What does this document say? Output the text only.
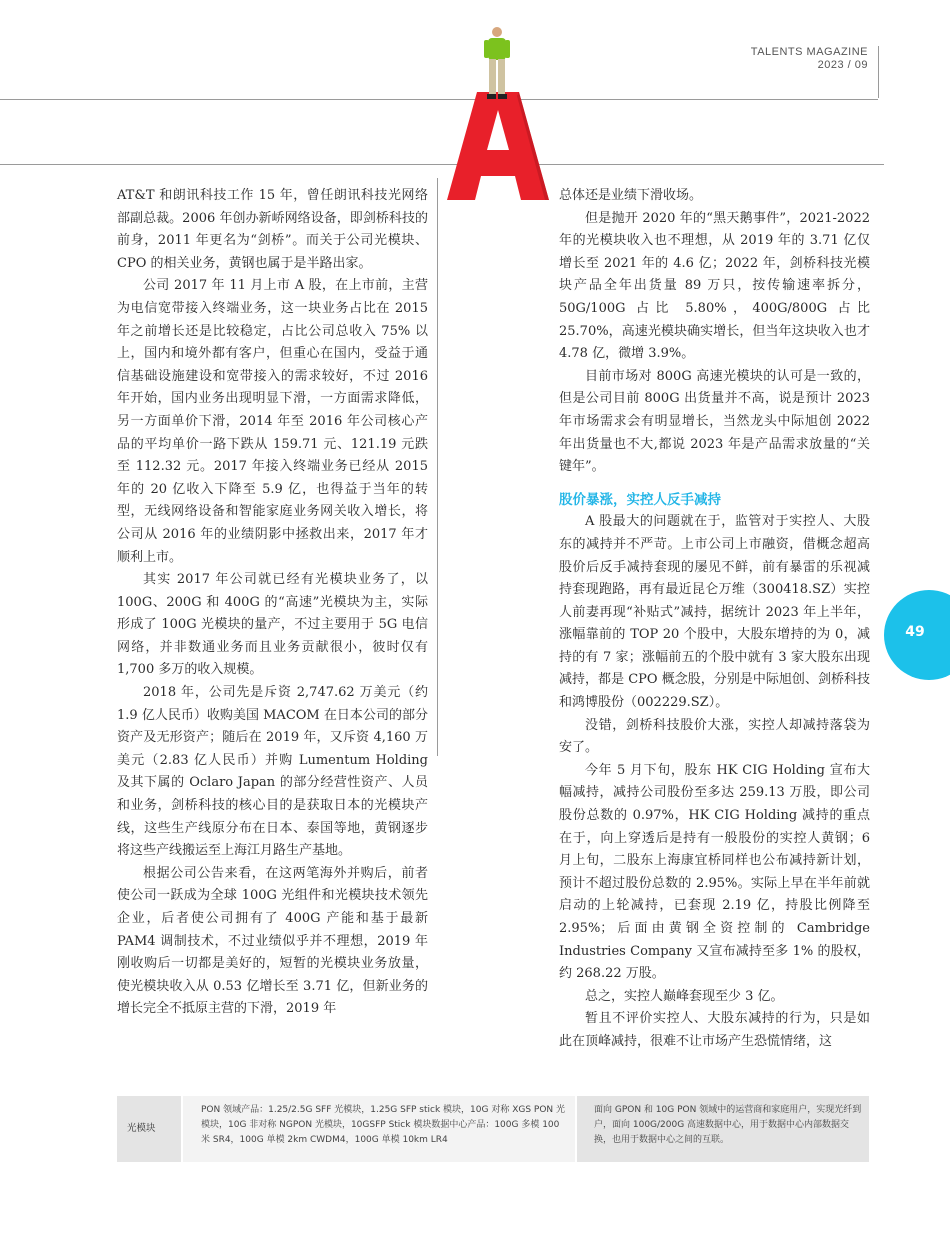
TALENTS MAGAZINE
2023 / 09

AT&T 和朗讯科技工作 15 年，曾任朗讯科技光网络部副总裁。2006 年创办新峤网络设备，即剑桥科技的前身，2011 年更名为“剑桥”。而关于公司光模块、CPO 的相关业务，黄钢也属于是半路出家。

公司 2017 年 11 月上市 A 股，在上市前，主营为电信宽带接入终端业务，这一块业务占比在 2015 年之前增长还是比较稳定，占比公司总收入 75% 以上，国内和境外都有客户，但重心在国内，受益于通信基础设施建设和宽带接入的需求较好，不过 2016 年开始，国内业务出现明显下滑，一方面需求降低，另一方面单价下滑，2014 年至 2016 年公司核心产品的平均单价一路下跌从 159.71 元、121.19 元跌至 112.32 元。2017 年接入终端业务已经从 2015 年的 20 亿收入下降至 5.9 亿，也得益于当年的转型，无线网络设备和智能家庭业务网关收入增长，将公司从 2016 年的业绩阴影中拯救出来，2017 年才顺利上市。

其实 2017 年公司就已经有光模块业务了，以 100G、200G 和 400G 的“高速”光模块为主，实际形成了 100G 光模块的量产，不过主要用于 5G 电信网络，并非数通业务而且业务贡献很小，彼时仅有 1,700 多万的收入规模。

2018 年，公司先是斥资 2,747.62 万美元（约 1.9 亿人民币）收购美国 MACOM 在日本公司的部分资产及无形资产；随后在 2019 年，又斥资 4,160 万美元（2.83 亿人民币）并购 Lumentum Holding 及其下属的 Oclaro Japan 的部分经营性资产、人员和业务，剑桥科技的核心目的是获取日本的光模块产线，这些生产线原分布在日本、泰国等地，黄钢逐步将这些产线搬运至上海江月路生产基地。

根据公司公告来看，在这两笔海外并购后，前者使公司一跃成为全球 100G 光组件和光模块技术领先企业，后者使公司拥有了 400G 产能和基于最新 PAM4 调制技术，不过业绩似乎并不理想，2019 年刚收购后一切都是美好的，短暂的光模块业务放量，使光模块收入从 0.53 亿增长至 3.71 亿，但新业务的增长完全不抵原主营的下滑，2019 年

总体还是业绩下滑收场。

但是抛开 2020 年的“黑天鹅事件”，2021-2022 年的光模块收入也不理想，从 2019 年的 3.71 亿仅增长至 2021 年的 4.6 亿；2022 年，剑桥科技光模块产品全年出货量 89 万只，按传输速率拆分，50G/100G 占比 5.80%，400G/800G 占比 25.70%，高速光模块确实增长，但当年这块收入也才 4.78 亿，微增 3.9%。

目前市场对 800G 高速光模块的认可是一致的，但是公司目前 800G 出货量并不高，说是预计 2023 年市场需求会有明显增长，当然龙头中际旭创 2022 年出货量也不大,都说 2023 年是产品需求放量的“关键年”。

股价暴涨，实控人反手减持

A 股最大的问题就在于，监管对于实控人、大股东的减持并不严苛。上市公司上市融资，借概念超高股价后反手减持套现的屡见不鲜，前有暴雷的乐视减持套现跑路，再有最近昆仑万维（300418.SZ）实控人前妻再现“补贴式”减持，据统计 2023 年上半年，涨幅靠前的 TOP 20 个股中，大股东增持的为 0，减持的有 7 家；涨幅前五的个股中就有 3 家大股东出现减持，都是 CPO 概念股，分别是中际旭创、剑桥科技和鸿博股份（002229.SZ）。

没错，剑桥科技股价大涨，实控人却减持落袋为安了。

今年 5 月下旬，股东 HK CIG Holding 宣布大幅减持，减持公司股份至多达 259.13 万股，即公司股份总数的 0.97%，HK CIG Holding 减持的重点在于，向上穿透后是持有一般股份的实控人黄钢；6 月上旬，二股东上海康宜桥同样也公布减持新计划，预计不超过股份总数的 2.95%。实际上早在半年前就启动的上轮减持，已套现 2.19 亿，持股比例降至 2.95%；后面由黄钢全资控制的 Cambridge Industries Company 又宣布减持至多 1% 的股权，约 268.22 万股。

总之，实控人巅峰套现至少 3 亿。

暂且不评价实控人、大股东减持的行为，只是如此在顶峰减持，很难不让市场产生恐慌情绪，这

49
光模块
PON 领域产品：1.25/2.5G SFF 光模块，1.25G SFP stick 模块，10G 对称 XGS PON 光模块，10G 非对称 NGPON 光模块，10GSFP Stick 模块数据中心产品：100G 多模 100 米 SR4，100G 单模 2km CWDM4，100G 单模 10km LR4
面向 GPON 和 10G PON 领域中的运营商和家庭用户，实现光纤到户，面向 100G/200G 高速数据中心，用于数据中心内部数据交换，也用于数据中心之间的互联。
